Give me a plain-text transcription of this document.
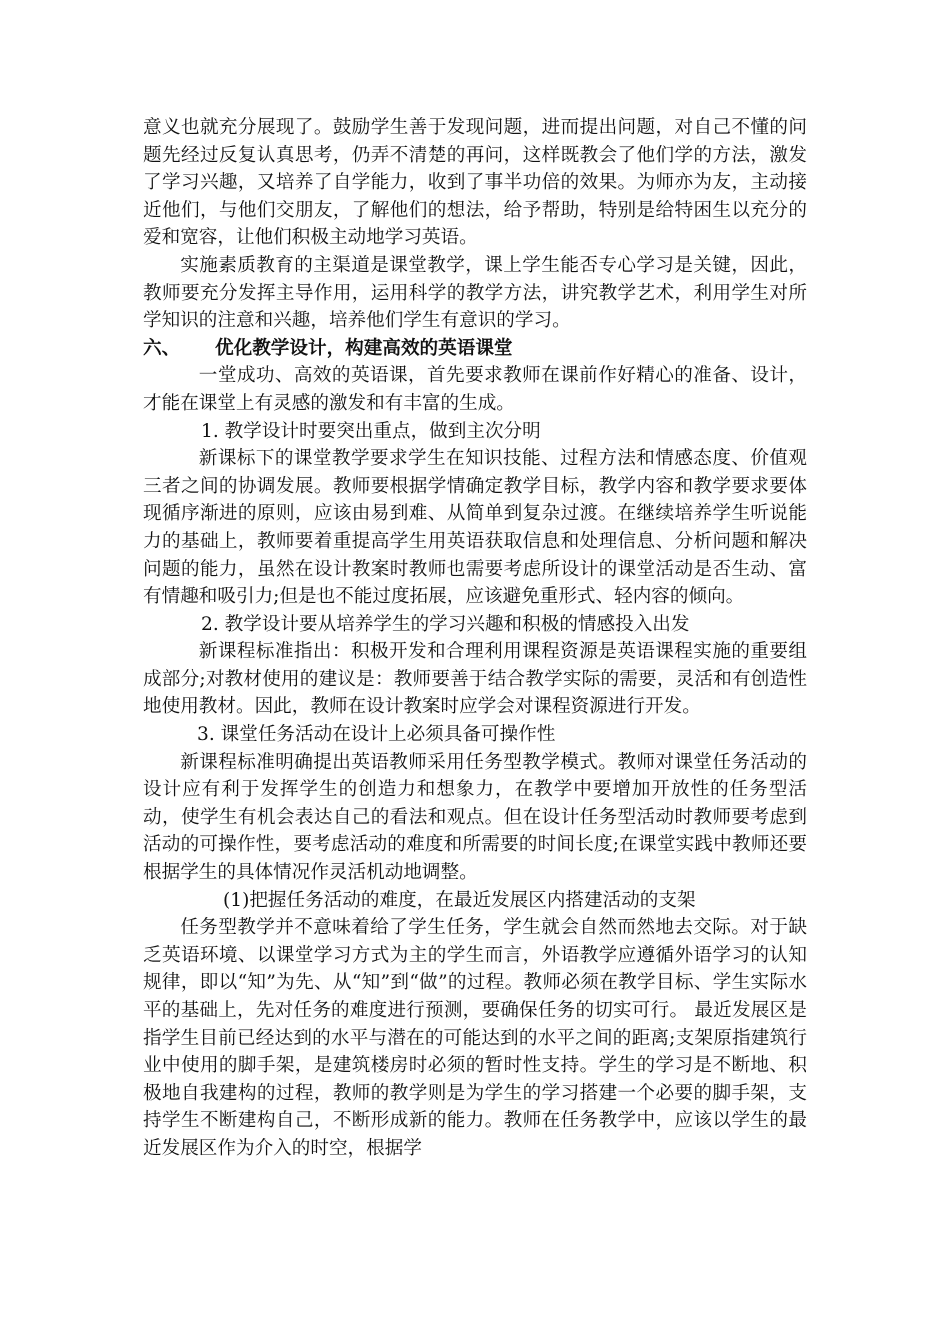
意义也就充分展现了。鼓励学生善于发现问题，进而提出问题，对自己不懂的问题先经过反复认真思考，仍弄不清楚的再问，这样既教会了他们学的方法，激发了学习兴趣，又培养了自学能力，收到了事半功倍的效果。为师亦为友，主动接近他们，与他们交朋友，了解他们的想法，给予帮助，特别是给特困生以充分的爱和宽容，让他们积极主动地学习英语。

实施素质教育的主渠道是课堂教学，课上学生能否专心学习是关键，因此，教师要充分发挥主导作用，运用科学的教学方法，讲究教学艺术，利用学生对所学知识的注意和兴趣，培养他们学生有意识的学习。

六、 优化教学设计，构建高效的英语课堂

一堂成功、高效的英语课，首先要求教师在课前作好精心的准备、设计，才能在课堂上有灵感的激发和有丰富的生成。

1. 教学设计时要突出重点，做到主次分明

新课标下的课堂教学要求学生在知识技能、过程方法和情感态度、价值观三者之间的协调发展。教师要根据学情确定教学目标，教学内容和教学要求要体现循序渐进的原则，应该由易到难、从简单到复杂过渡。在继续培养学生听说能力的基础上，教师要着重提高学生用英语获取信息和处理信息、分析问题和解决问题的能力，虽然在设计教案时教师也需要考虑所设计的课堂活动是否生动、富有情趣和吸引力;但是也不能过度拓展，应该避免重形式、轻内容的倾向。

2. 教学设计要从培养学生的学习兴趣和积极的情感投入出发

新课程标准指出：积极开发和合理利用课程资源是英语课程实施的重要组成部分;对教材使用的建议是：教师要善于结合教学实际的需要，灵活和有创造性地使用教材。因此，教师在设计教案时应学会对课程资源进行开发。

3. 课堂任务活动在设计上必须具备可操作性

新课程标准明确提出英语教师采用任务型教学模式。教师对课堂任务活动的设计应有利于发挥学生的创造力和想象力，在教学中要增加开放性的任务型活动，使学生有机会表达自己的看法和观点。但在设计任务型活动时教师要考虑到活动的可操作性，要考虑活动的难度和所需要的时间长度;在课堂实践中教师还要根据学生的具体情况作灵活机动地调整。

(1)把握任务活动的难度，在最近发展区内搭建活动的支架

任务型教学并不意味着给了学生任务，学生就会自然而然地去交际。对于缺乏英语环境、以课堂学习方式为主的学生而言，外语教学应遵循外语学习的认知规律，即以“知”为先、从“知”到“做”的过程。教师必须在教学目标、学生实际水平的基础上，先对任务的难度进行预测，要确保任务的切实可行。 最近发展区是指学生目前已经达到的水平与潜在的可能达到的水平之间的距离;支架原指建筑行业中使用的脚手架，是建筑楼房时必须的暂时性支持。学生的学习是不断地、积极地自我建构的过程，教师的教学则是为学生的学习搭建一个必要的脚手架，支持学生不断建构自己，不断形成新的能力。教师在任务教学中，应该以学生的最近发展区作为介入的时空，根据学
